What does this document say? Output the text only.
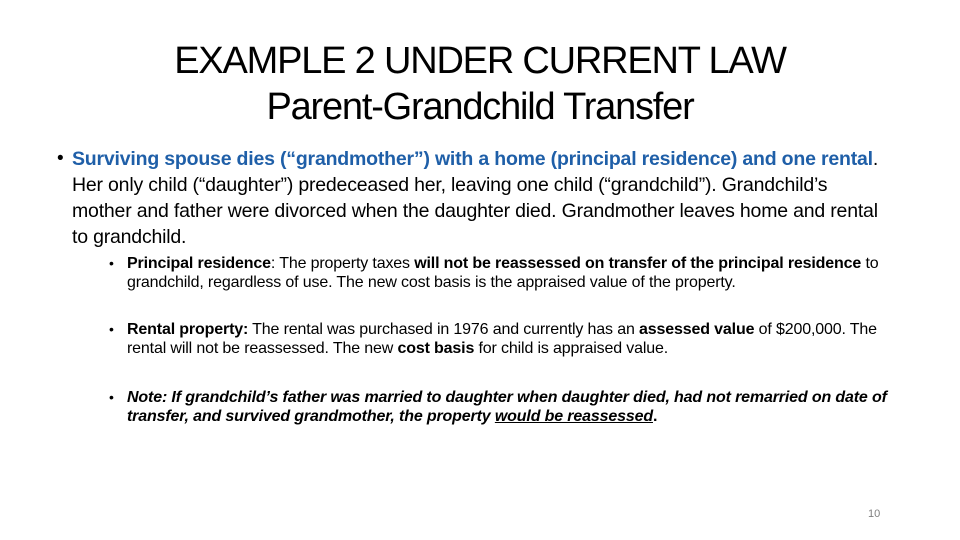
EXAMPLE 2 UNDER CURRENT LAW
Parent-Grandchild Transfer
• Surviving spouse dies (“grandmother”) with a home (principal residence) and one rental. Her only child (“daughter”) predeceased her, leaving one child (“grandchild”). Grandchild’s mother and father were divorced when the daughter died. Grandmother leaves home and rental to grandchild.
• Principal residence: The property taxes will not be reassessed on transfer of the principal residence to grandchild, regardless of use. The new cost basis is the appraised value of the property.
• Rental property: The rental was purchased in 1976 and currently has an assessed value of $200,000. The rental will not be reassessed. The new cost basis for child is appraised value.
• Note: If grandchild’s father was married to daughter when daughter died, had not remarried on date of transfer, and survived grandmother, the property would be reassessed.
10
